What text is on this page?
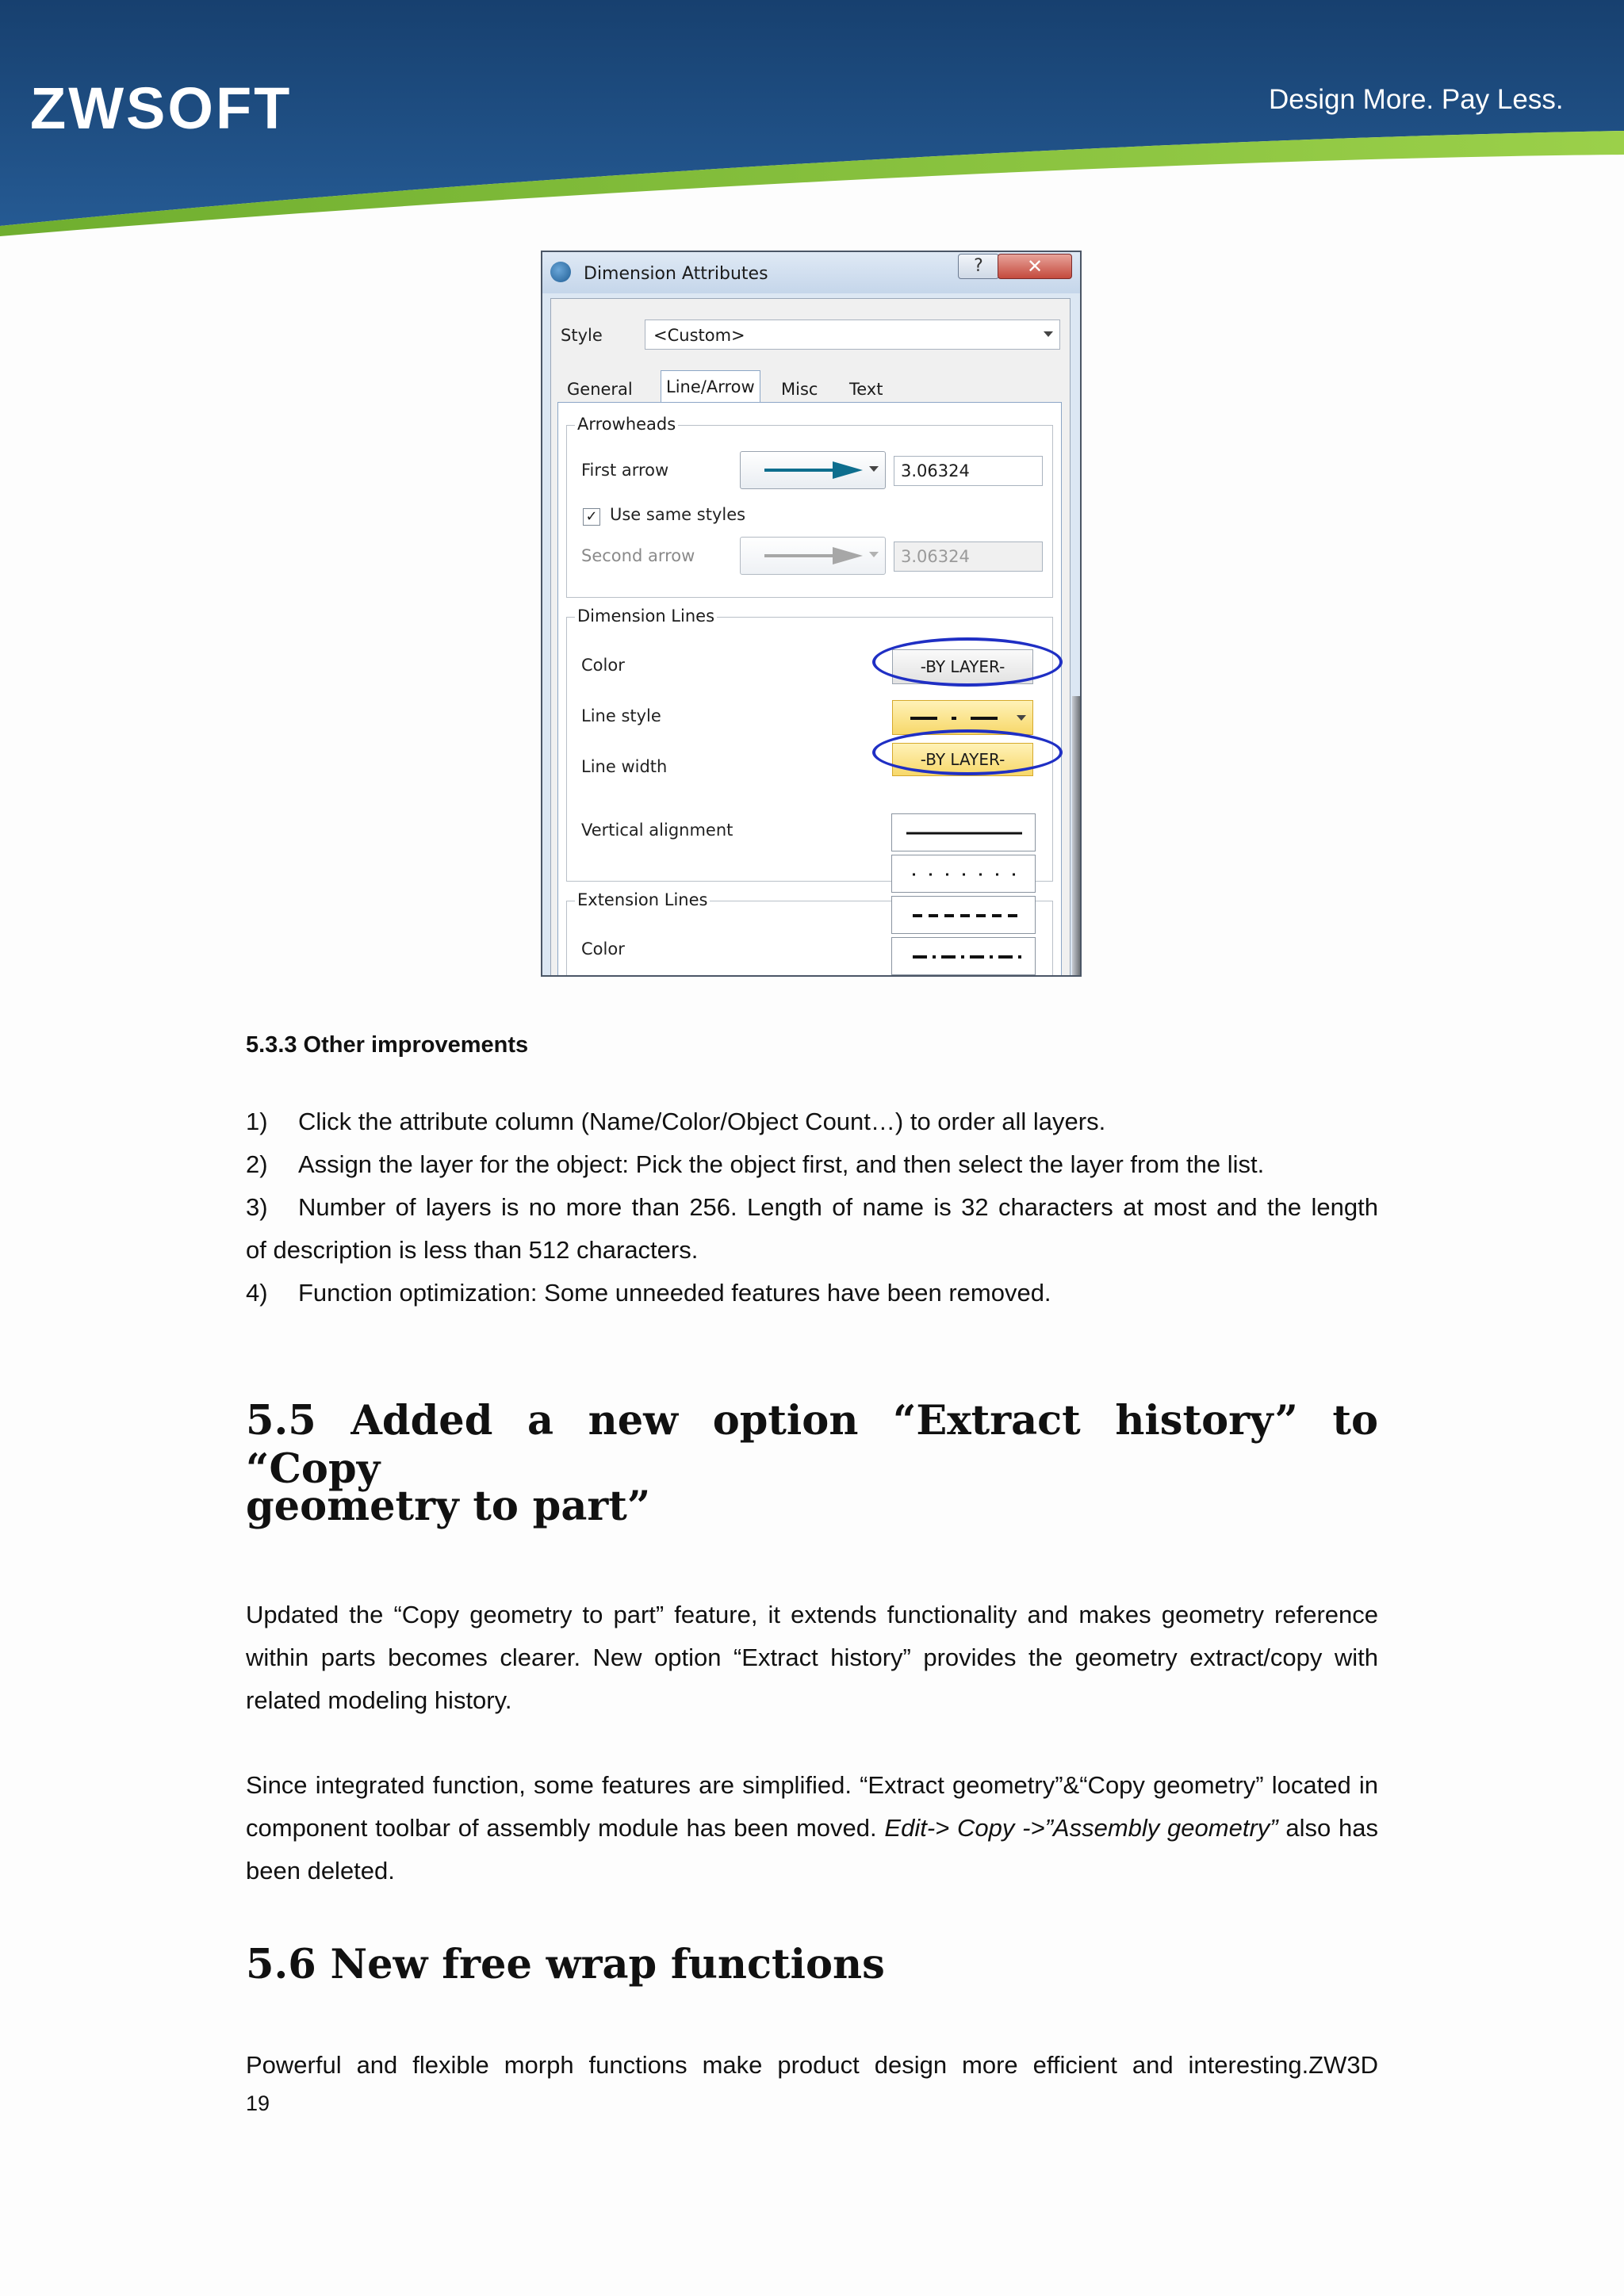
ZWSOFT	Design More. Pay Less.
Dimension Attributes	?	✕
Style	<Custom>
General	Line/Arrow	Misc Text
Arrowheads
First arrow	3.06324
✓ Use same styles
Second arrow	3.06324
Dimension Lines
Color	-BY LAYER-
Line style
Line width	-BY LAYER-
Vertical alignment
Extension Lines
Color
5.3.3 Other improvements
1) Click the attribute column (Name/Color/Object Count…) to order all layers.
2) Assign the layer for the object: Pick the object first, and then select the layer from the list.
3) Number of layers is no more than 256. Length of name is 32 characters at most and the length
of description is less than 512 characters.
4) Function optimization: Some unneeded features have been removed.
5.5 Added a new option “Extract history” to “Copy
geometry to part”
Updated the “Copy geometry to part” feature, it extends functionality and makes geometry reference within parts becomes clearer. New option “Extract history” provides the geometry extract/copy with related modeling history.
Since integrated function, some features are simplified. “Extract geometry”&“Copy geometry” located in component toolbar of assembly module has been moved. Edit-> Copy ->”Assembly geometry” also has been deleted.
5.6 New free wrap functions
Powerful and flexible morph functions make product design more efficient and interesting.ZW3D
19
